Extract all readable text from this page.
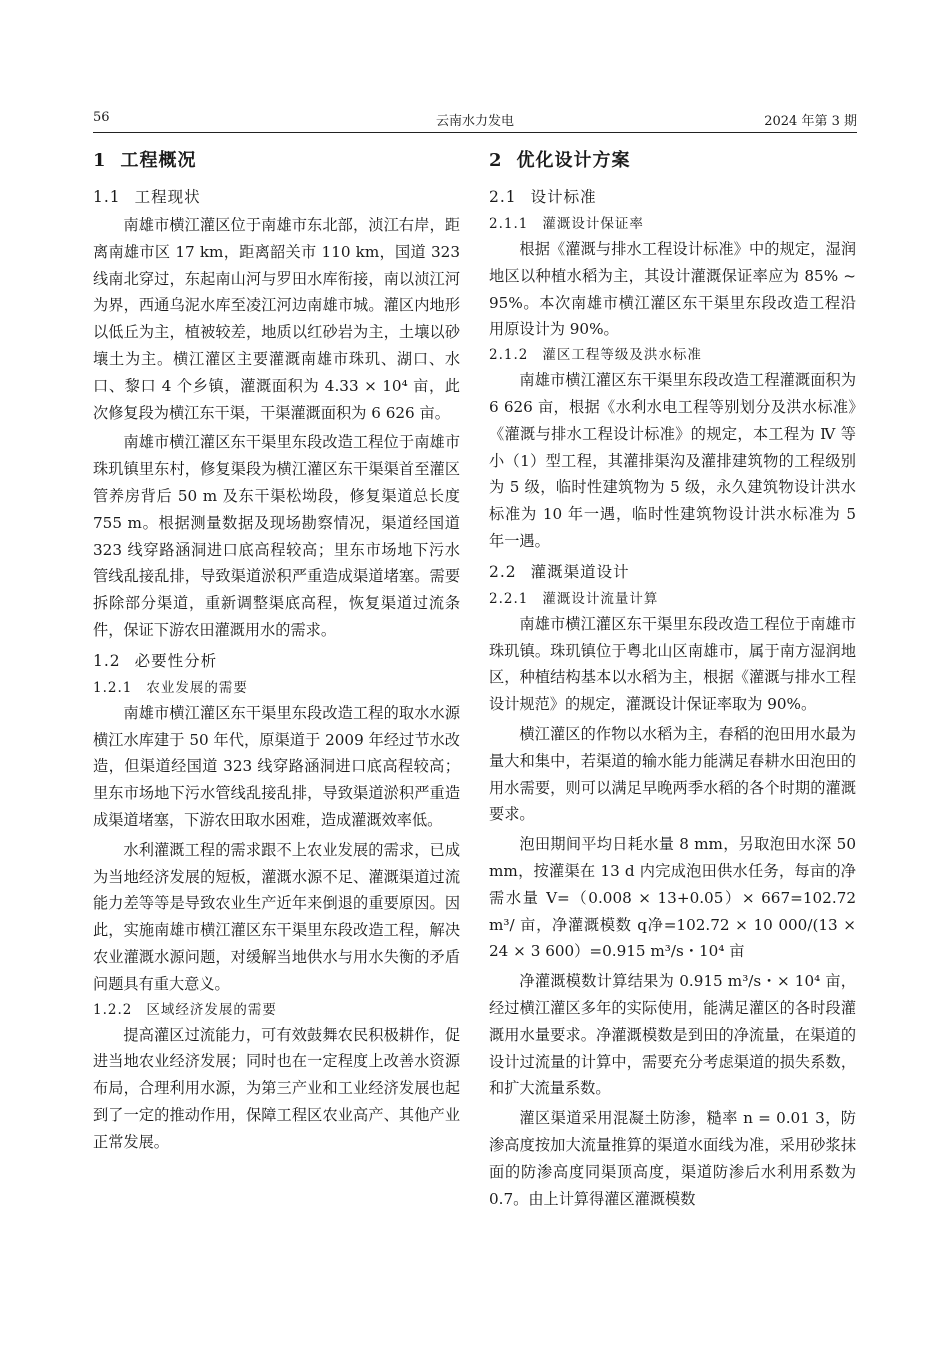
56	云南水力发电	2024 年第 3 期
1 工程概况
1.1 工程现状

南雄市横江灌区位于南雄市东北部，浈江右岸，距离南雄市区 17 km，距离韶关市 110 km，国道 323 线南北穿过，东起南山河与罗田水库衔接，南以浈江河为界，西通乌泥水库至凌江河边南雄市城。灌区内地形以低丘为主，植被较差，地质以红砂岩为主，土壤以砂壤土为主。横江灌区主要灌溉南雄市珠玑、湖口、水口、黎口 4 个乡镇，灌溉面积为 4.33 × 10⁴ 亩，此次修复段为横江东干渠，干渠灌溉面积为 6 626 亩。

南雄市横江灌区东干渠里东段改造工程位于南雄市珠玑镇里东村，修复渠段为横江灌区东干渠渠首至灌区管养房背后 50 m 及东干渠松坳段，修复渠道总长度 755 m。根据测量数据及现场勘察情况，渠道经国道 323 线穿路涵洞进口底高程较高；里东市场地下污水管线乱接乱排，导致渠道淤积严重造成渠道堵塞。需要拆除部分渠道，重新调整渠底高程，恢复渠道过流条件，保证下游农田灌溉用水的需求。

1.2 必要性分析
1.2.1 农业发展的需要

南雄市横江灌区东干渠里东段改造工程的取水水源横江水库建于 50 年代，原渠道于 2009 年经过节水改造，但渠道经国道 323 线穿路涵洞进口底高程较高；里东市场地下污水管线乱接乱排，导致渠道淤积严重造成渠道堵塞，下游农田取水困难，造成灌溉效率低。

水利灌溉工程的需求跟不上农业发展的需求，已成为当地经济发展的短板，灌溉水源不足、灌溉渠道过流能力差等等是导致农业生产近年来倒退的重要原因。因此，实施南雄市横江灌区东干渠里东段改造工程，解决农业灌溉水源问题，对缓解当地供水与用水失衡的矛盾问题具有重大意义。

1.2.2 区域经济发展的需要

提高灌区过流能力，可有效鼓舞农民积极耕作，促进当地农业经济发展；同时也在一定程度上改善水资源布局，合理利用水源，为第三产业和工业经济发展也起到了一定的推动作用，保障工程区农业高产、其他产业正常发展。

2 优化设计方案
2.1 设计标准
2.1.1 灌溉设计保证率

根据《灌溉与排水工程设计标准》中的规定，湿润地区以种植水稻为主，其设计灌溉保证率应为 85% ~ 95%。本次南雄市横江灌区东干渠里东段改造工程沿用原设计为 90%。

2.1.2 灌区工程等级及洪水标准

南雄市横江灌区东干渠里东段改造工程灌溉面积为 6 626 亩，根据《水利水电工程等别划分及洪水标准》《灌溉与排水工程设计标准》的规定，本工程为 Ⅳ 等小（1）型工程，其灌排渠沟及灌排建筑物的工程级别为 5 级，临时性建筑物为 5 级，永久建筑物设计洪水标准为 10 年一遇，临时性建筑物设计洪水标准为 5 年一遇。

2.2 灌溉渠道设计
2.2.1 灌溉设计流量计算

南雄市横江灌区东干渠里东段改造工程位于南雄市珠玑镇。珠玑镇位于粤北山区南雄市，属于南方湿润地区，种植结构基本以水稻为主，根据《灌溉与排水工程设计规范》的规定，灌溉设计保证率取为 90%。

横江灌区的作物以水稻为主，春稻的泡田用水最为量大和集中，若渠道的输水能力能满足春耕水田泡田的用水需要，则可以满足早晚两季水稻的各个时期的灌溉要求。

泡田期间平均日耗水量 8 mm，另取泡田水深 50 mm，按灌渠在 13 d 内完成泡田供水任务，每亩的净需水量 V=（0.008 × 13+0.05）× 667=102.72 m³/ 亩，净灌溉模数 q净=102.72 × 10 000/(13 × 24 × 3 600）=0.915 m³/s・10⁴ 亩

净灌溉模数计算结果为 0.915 m³/s・× 10⁴ 亩，经过横江灌区多年的实际使用，能满足灌区的各时段灌溉用水量要求。净灌溉模数是到田的净流量，在渠道的设计过流量的计算中，需要充分考虑渠道的损失系数，和扩大流量系数。

灌区渠道采用混凝土防渗，糙率 n = 0.01 3，防渗高度按加大流量推算的渠道水面线为准，采用砂浆抹面的防渗高度同渠顶高度，渠道防渗后水利用系数为 0.7。由上计算得灌区灌溉模数
